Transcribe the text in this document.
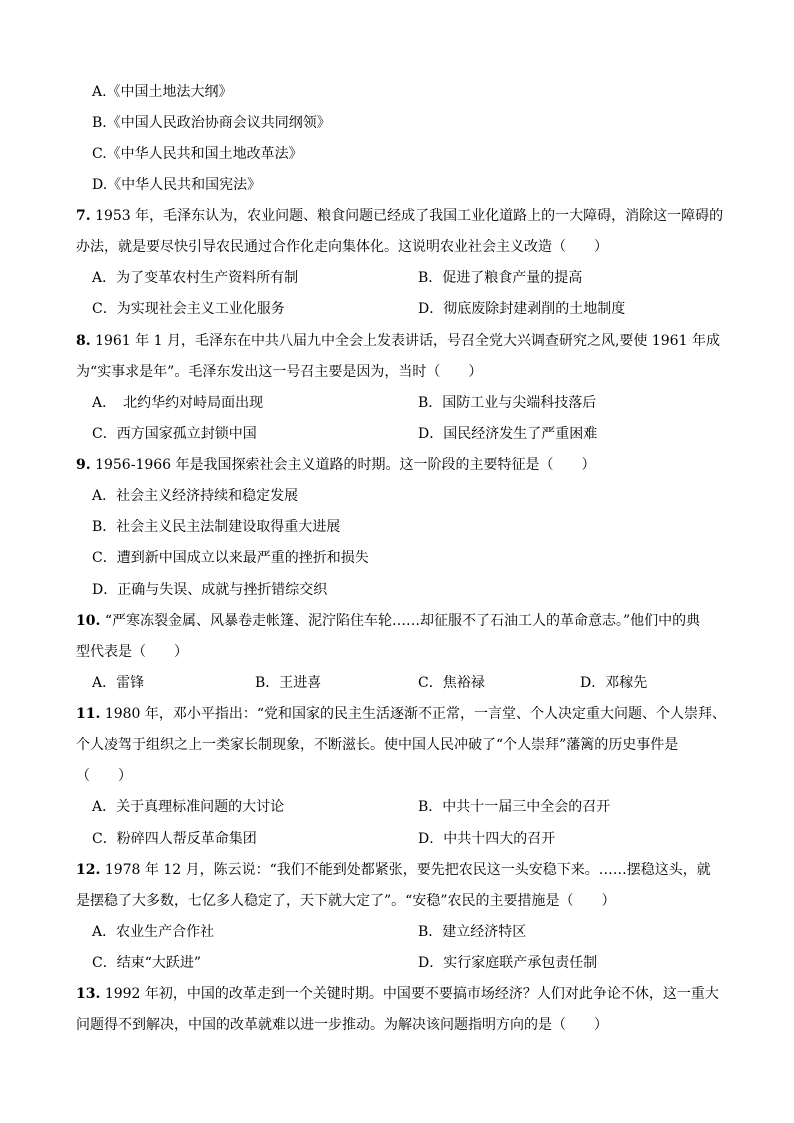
A.《中国土地法大纲》
B.《中国人民政治协商会议共同纲领》
C.《中华人民共和国土地改革法》
D.《中华人民共和国宪法》
7. 1953 年，毛泽东认为，农业问题、粮食问题已经成了我国工业化道路上的一大障碍，消除这一障碍的
办法，就是要尽快引导农民通过合作化走向集体化。这说明农业社会主义改造（　　）
A．为了变革农村生产资料所有制	B．促进了粮食产量的提高
C．为实现社会主义工业化服务	D．彻底废除封建剥削的土地制度
8. 1961 年 1 月，毛泽东在中共八届九中全会上发表讲话，号召全党大兴调查研究之风,要使 1961 年成
为“实事求是年”。毛泽东发出这一号召主要是因为，当时（　　）
A．　北约华约对峙局面出现	B．国防工业与尖端科技落后
C．西方国家孤立封锁中国	D．国民经济发生了严重困难
9. 1956-1966 年是我国探索社会主义道路的时期。这一阶段的主要特征是（　　）
A．社会主义经济持续和稳定发展
B．社会主义民主法制建设取得重大进展
C．遭到新中国成立以来最严重的挫折和损失
D．正确与失误、成就与挫折错综交织
10. “严寒冻裂金属、风暴卷走帐篷、泥泞陷住车轮……却征服不了石油工人的革命意志。”他们中的典
型代表是（　　）
A．雷锋	B．王进喜	C．焦裕禄	D．邓稼先
11. 1980 年，邓小平指出：“党和国家的民主生活逐渐不正常，一言堂、个人决定重大问题、个人崇拜、
个人凌驾于组织之上一类家长制现象，不断滋长。使中国人民冲破了“个人崇拜”藩篱的历史事件是
（　　）
A．关于真理标准问题的大讨论	B．中共十一届三中全会的召开
C．粉碎四人帮反革命集团	D．中共十四大的召开
12. 1978 年 12 月，陈云说：“我们不能到处都紧张，要先把农民这一头安稳下来。……摆稳这头，就
是摆稳了大多数，七亿多人稳定了，天下就大定了”。“安稳”农民的主要措施是（　　）
A．农业生产合作社	B．建立经济特区
C．结束“大跃进”	D．实行家庭联产承包责任制
13. 1992 年初，中国的改革走到一个关键时期。中国要不要搞市场经济？人们对此争论不休，这一重大
问题得不到解决，中国的改革就难以进一步推动。为解决该问题指明方向的是（　　）
